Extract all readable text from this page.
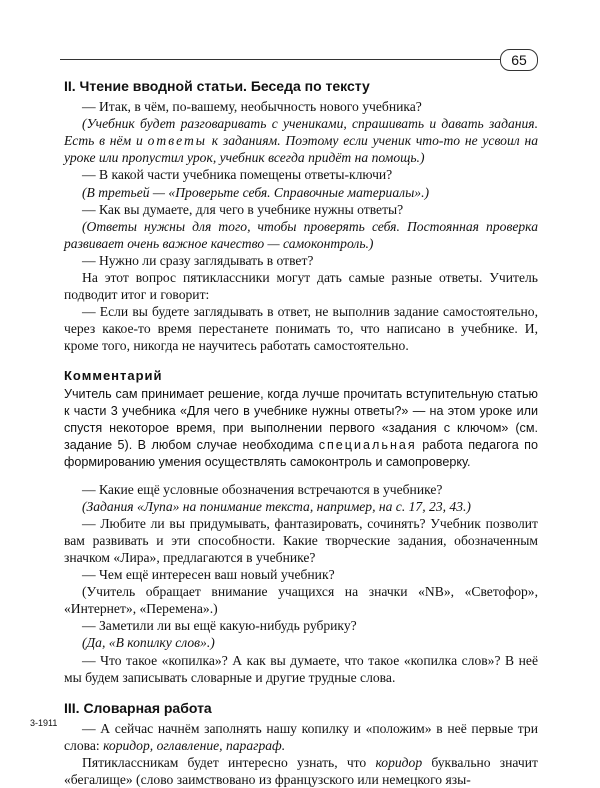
65
II. Чтение вводной статьи. Беседа по тексту

— Итак, в чём, по-вашему, необычность нового учебника?

(Учебник будет разговаривать с учениками, спрашивать и давать задания. Есть в нём и ответы к заданиям. Поэтому если ученик что-то не усвоил на уроке или пропустил урок, учебник всегда придёт на помощь.)

— В какой части учебника помещены ответы-ключи?

(В третьей — «Проверьте себя. Справочные материалы».)

— Как вы думаете, для чего в учебнике нужны ответы?

(Ответы нужны для того, чтобы проверять себя. Постоянная проверка развивает очень важное качество — самоконтроль.)

— Нужно ли сразу заглядывать в ответ?

На этот вопрос пятиклассники могут дать самые разные ответы. Учитель подводит итог и говорит:

— Если вы будете заглядывать в ответ, не выполнив задание самостоятельно, через какое-то время перестанете понимать то, что написано в учебнике. И, кроме того, никогда не научитесь работать самостоятельно.

Комментарий

Учитель сам принимает решение, когда лучше прочитать вступительную статью к части 3 учебника «Для чего в учебнике нужны ответы?» — на этом уроке или спустя некоторое время, при выполнении первого «задания с ключом» (см. задание 5). В любом случае необходима специальная работа педагога по формированию умения осуществлять самоконтроль и самопроверку.

— Какие ещё условные обозначения встречаются в учебнике?

(Задания «Лупа» на понимание текста, например, на с. 17, 23, 43.)

— Любите ли вы придумывать, фантазировать, сочинять? Учебник позволит вам развивать и эти способности. Какие творческие задания, обозначенным значком «Лира», предлагаются в учебнике?

— Чем ещё интересен ваш новый учебник?

(Учитель обращает внимание учащихся на значки «NB», «Светофор», «Интернет», «Перемена».)

— Заметили ли вы ещё какую-нибудь рубрику?

(Да, «В копилку слов».)

— Что такое «копилка»? А как вы думаете, что такое «копилка слов»? В неё мы будем записывать словарные и другие трудные слова.

III. Словарная работа

— А сейчас начнём заполнять нашу копилку и «положим» в неё первые три слова: коридор, оглавление, параграф.

Пятиклассникам будет интересно узнать, что коридор буквально значит «бегалище» (слово заимствовано из французского или немецкого язы-

3-1911
